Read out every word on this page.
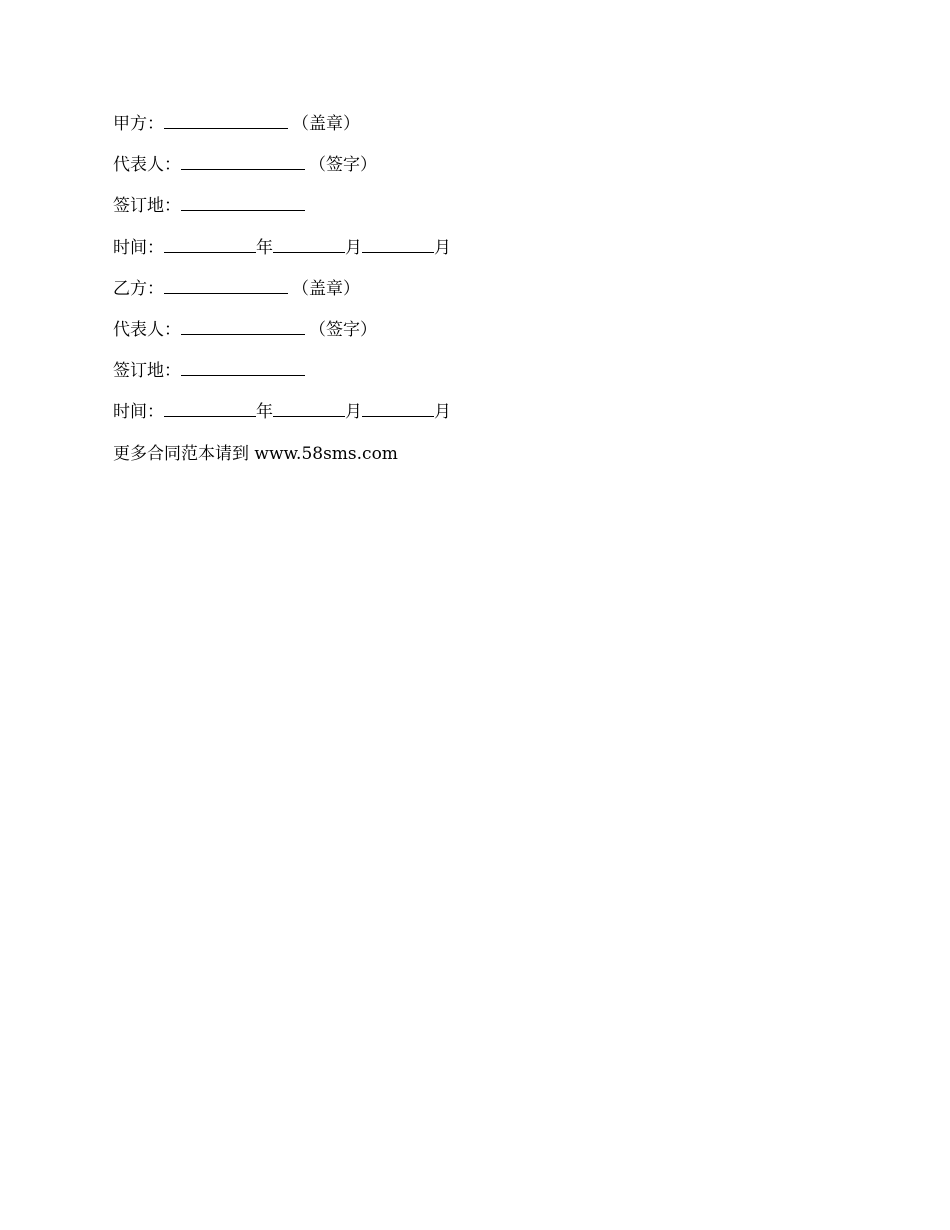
甲方：	（盖章）
代表人：	（签字）
签订地：
时间：	年	月	月
乙方：	（盖章）
代表人：	（签字）
签订地：
时间：	年	月	月
更多合同范本请到 www.58sms.com
